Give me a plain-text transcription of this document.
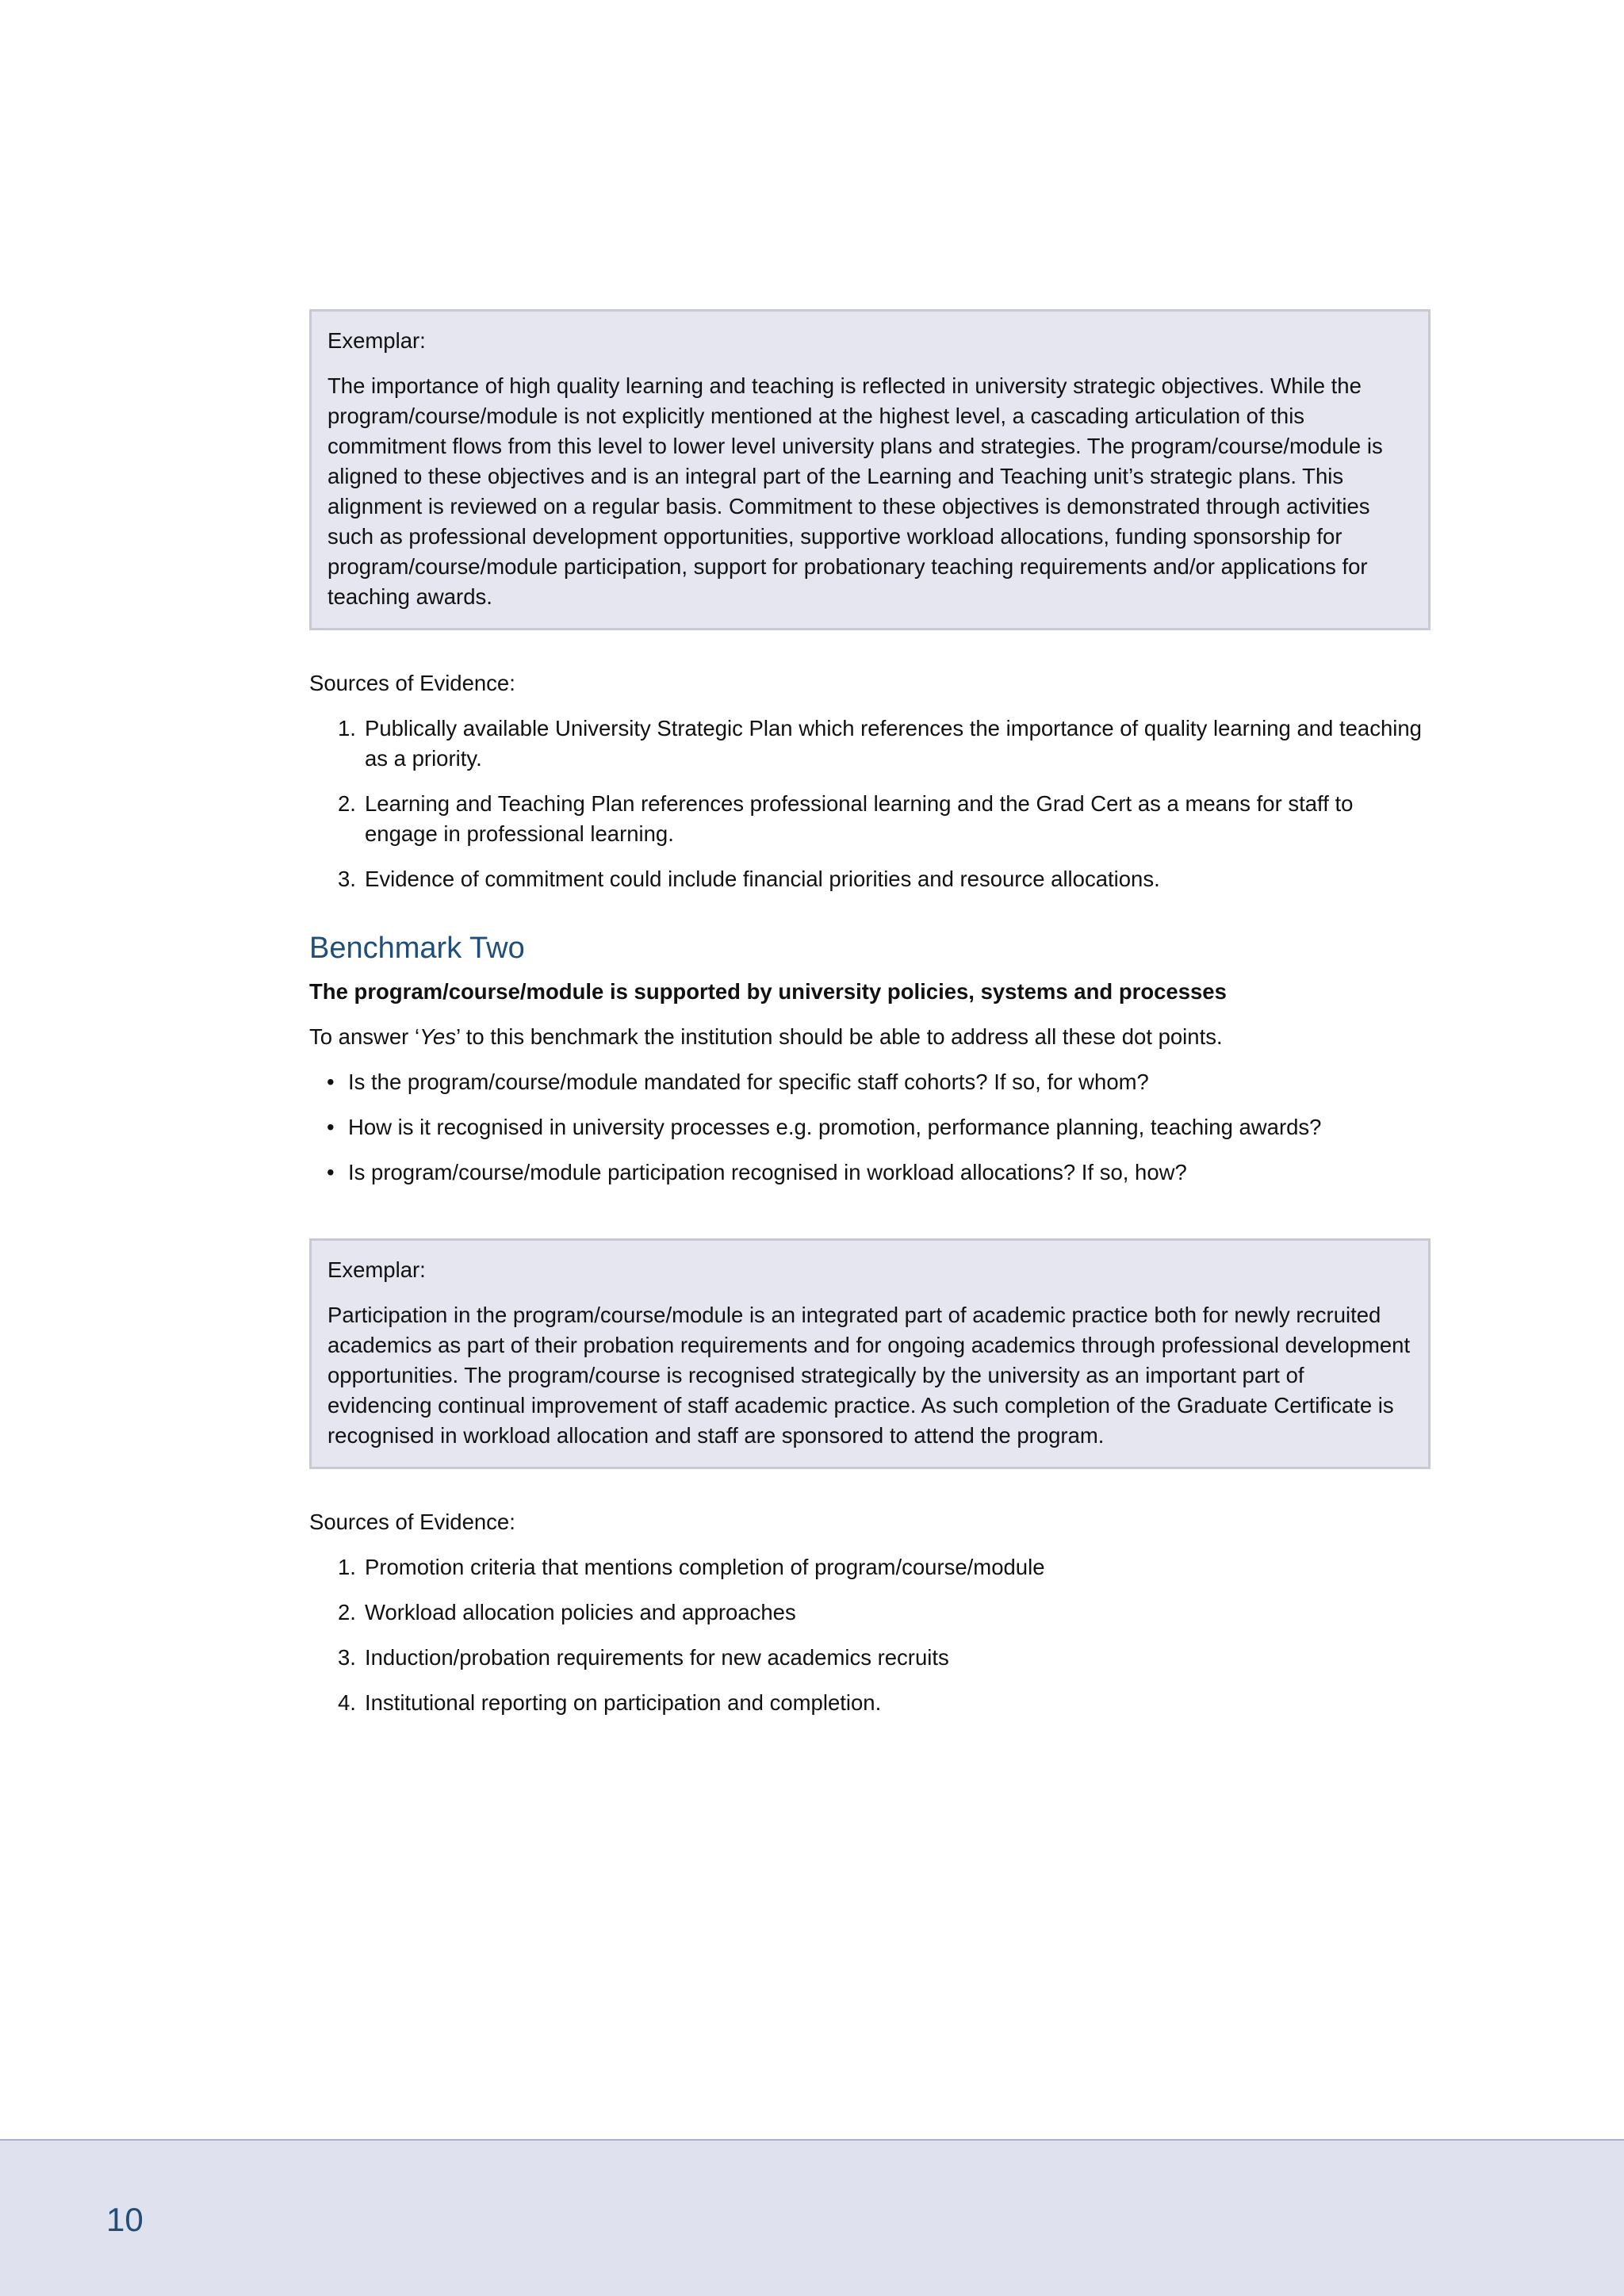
Exemplar:

The importance of high quality learning and teaching is reflected in university strategic objectives. While the program/course/module is not explicitly mentioned at the highest level, a cascading articulation of this commitment flows from this level to lower level university plans and strategies. The program/course/module is aligned to these objectives and is an integral part of the Learning and Teaching unit’s strategic plans. This alignment is reviewed on a regular basis. Commitment to these objectives is demonstrated through activities such as professional development opportunities, supportive workload allocations, funding sponsorship for program/course/module participation, support for probationary teaching requirements and/or applications for teaching awards.

Sources of Evidence:

1. Publically available University Strategic Plan which references the importance of quality learning and teaching as a priority.
2. Learning and Teaching Plan references professional learning and the Grad Cert as a means for staff to engage in professional learning.
3. Evidence of commitment could include financial priorities and resource allocations.
Benchmark Two

The program/course/module is supported by university policies, systems and processes

To answer ‘Yes’ to this benchmark the institution should be able to address all these dot points.

• Is the program/course/module mandated for specific staff cohorts? If so, for whom?
• How is it recognised in university processes e.g. promotion, performance planning, teaching awards?
• Is program/course/module participation recognised in workload allocations? If so, how?

Exemplar:

Participation in the program/course/module is an integrated part of academic practice both for newly recruited academics as part of their probation requirements and for ongoing academics through professional development opportunities. The program/course is recognised strategically by the university as an important part of evidencing continual improvement of staff academic practice. As such completion of the Graduate Certificate is recognised in workload allocation and staff are sponsored to attend the program.

Sources of Evidence:

1. Promotion criteria that mentions completion of program/course/module
2. Workload allocation policies and approaches
3. Induction/probation requirements for new academics recruits
4. Institutional reporting on participation and completion.
10
